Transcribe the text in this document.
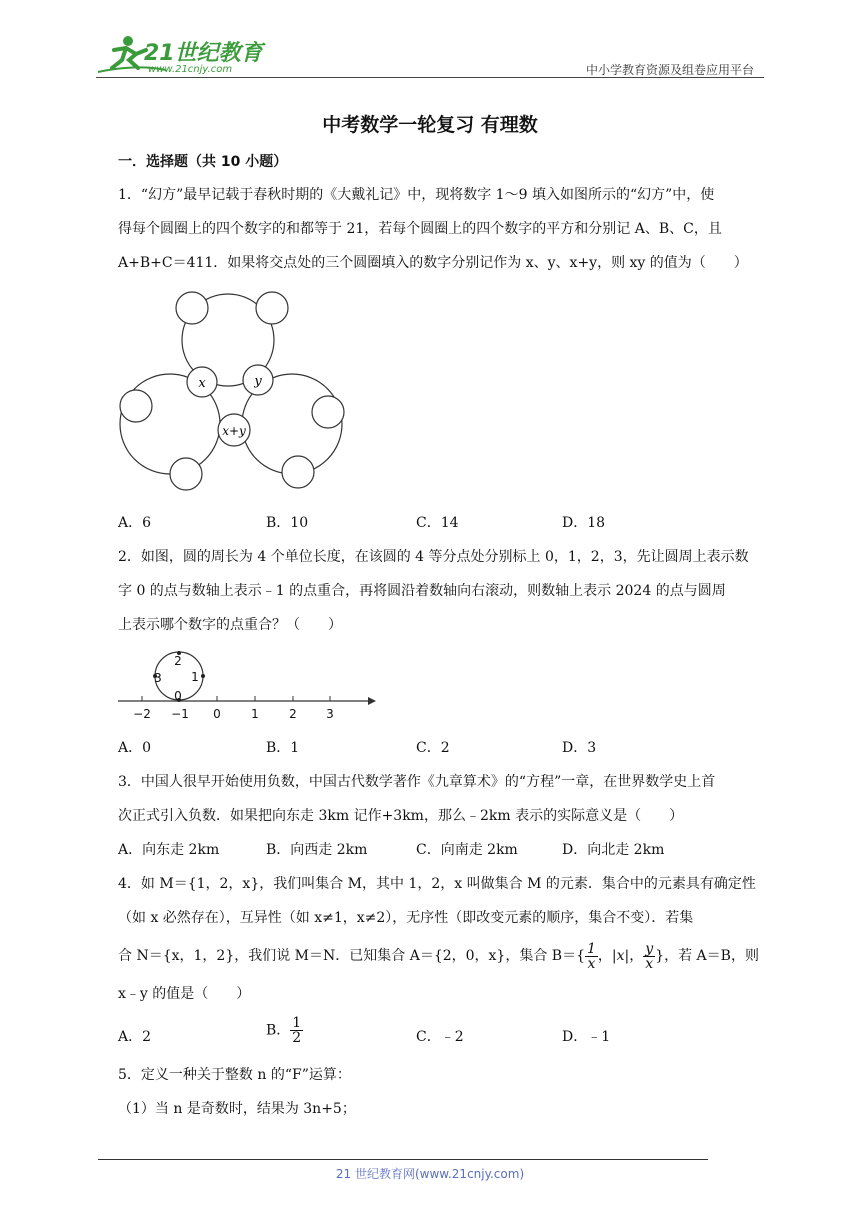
21世纪教育
www.21cnjy.com	中小学教育资源及组卷应用平台
中考数学一轮复习 有理数
一．选择题（共 10 小题）

1．“幻方”最早记载于春秋时期的《大戴礼记》中，现将数字 1～9 填入如图所示的“幻方”中，使

得每个圆圈上的四个数字的和都等于 21，若每个圆圈上的四个数字的平方和分别记 A、B、C，且

A+B+C＝411．如果将交点处的三个圆圈填入的数字分别记作为 x、y、x+y，则 xy 的值为（　　）

x	y
x+y
A．6	B．10	C．14	D．18

2．如图，圆的周长为 4 个单位长度，在该圆的 4 等分点处分别标上 0，1，2，3，先让圆周上表示数

字 0 的点与数轴上表示﹣1 的点重合，再将圆沿着数轴向右滚动，则数轴上表示 2024 的点与圆周

上表示哪个数字的点重合？（　　）

2
1
3
0
−2 −1 0	1	2 3
A．0	B．1	C．2	D．3

3．中国人很早开始使用负数，中国古代数学著作《九章算术》的“方程”一章，在世界数学史上首

次正式引入负数．如果把向东走 3km 记作+3km，那么﹣2km 表示的实际意义是（　　）

A．向东走 2km	B．向西走 2km	C．向南走 2km	D．向北走 2km

4．如 M＝{1，2，x}，我们叫集合 M，其中 1，2，x 叫做集合 M 的元素．集合中的元素具有确定性

（如 x 必然存在），互异性（如 x≠1，x≠2），无序性（即改变元素的顺序，集合不变）．若集

合 N＝{x，1，2}，我们说 M＝N．已知集合 A＝{2，0，x}，集合 $B=\{ \frac{1}{x}$ ，|x|， $\frac{y}{x}$ }，若 A＝B，则

x﹣y 的值是（　　）

A．2	B． $\frac{1}{2}$	C．﹣2	D．﹣1

5．定义一种关于整数 n 的“F”运算：

（1）当 n 是奇数时，结果为 3n+5；

21 世纪教育网(www.21cnjy.com)
